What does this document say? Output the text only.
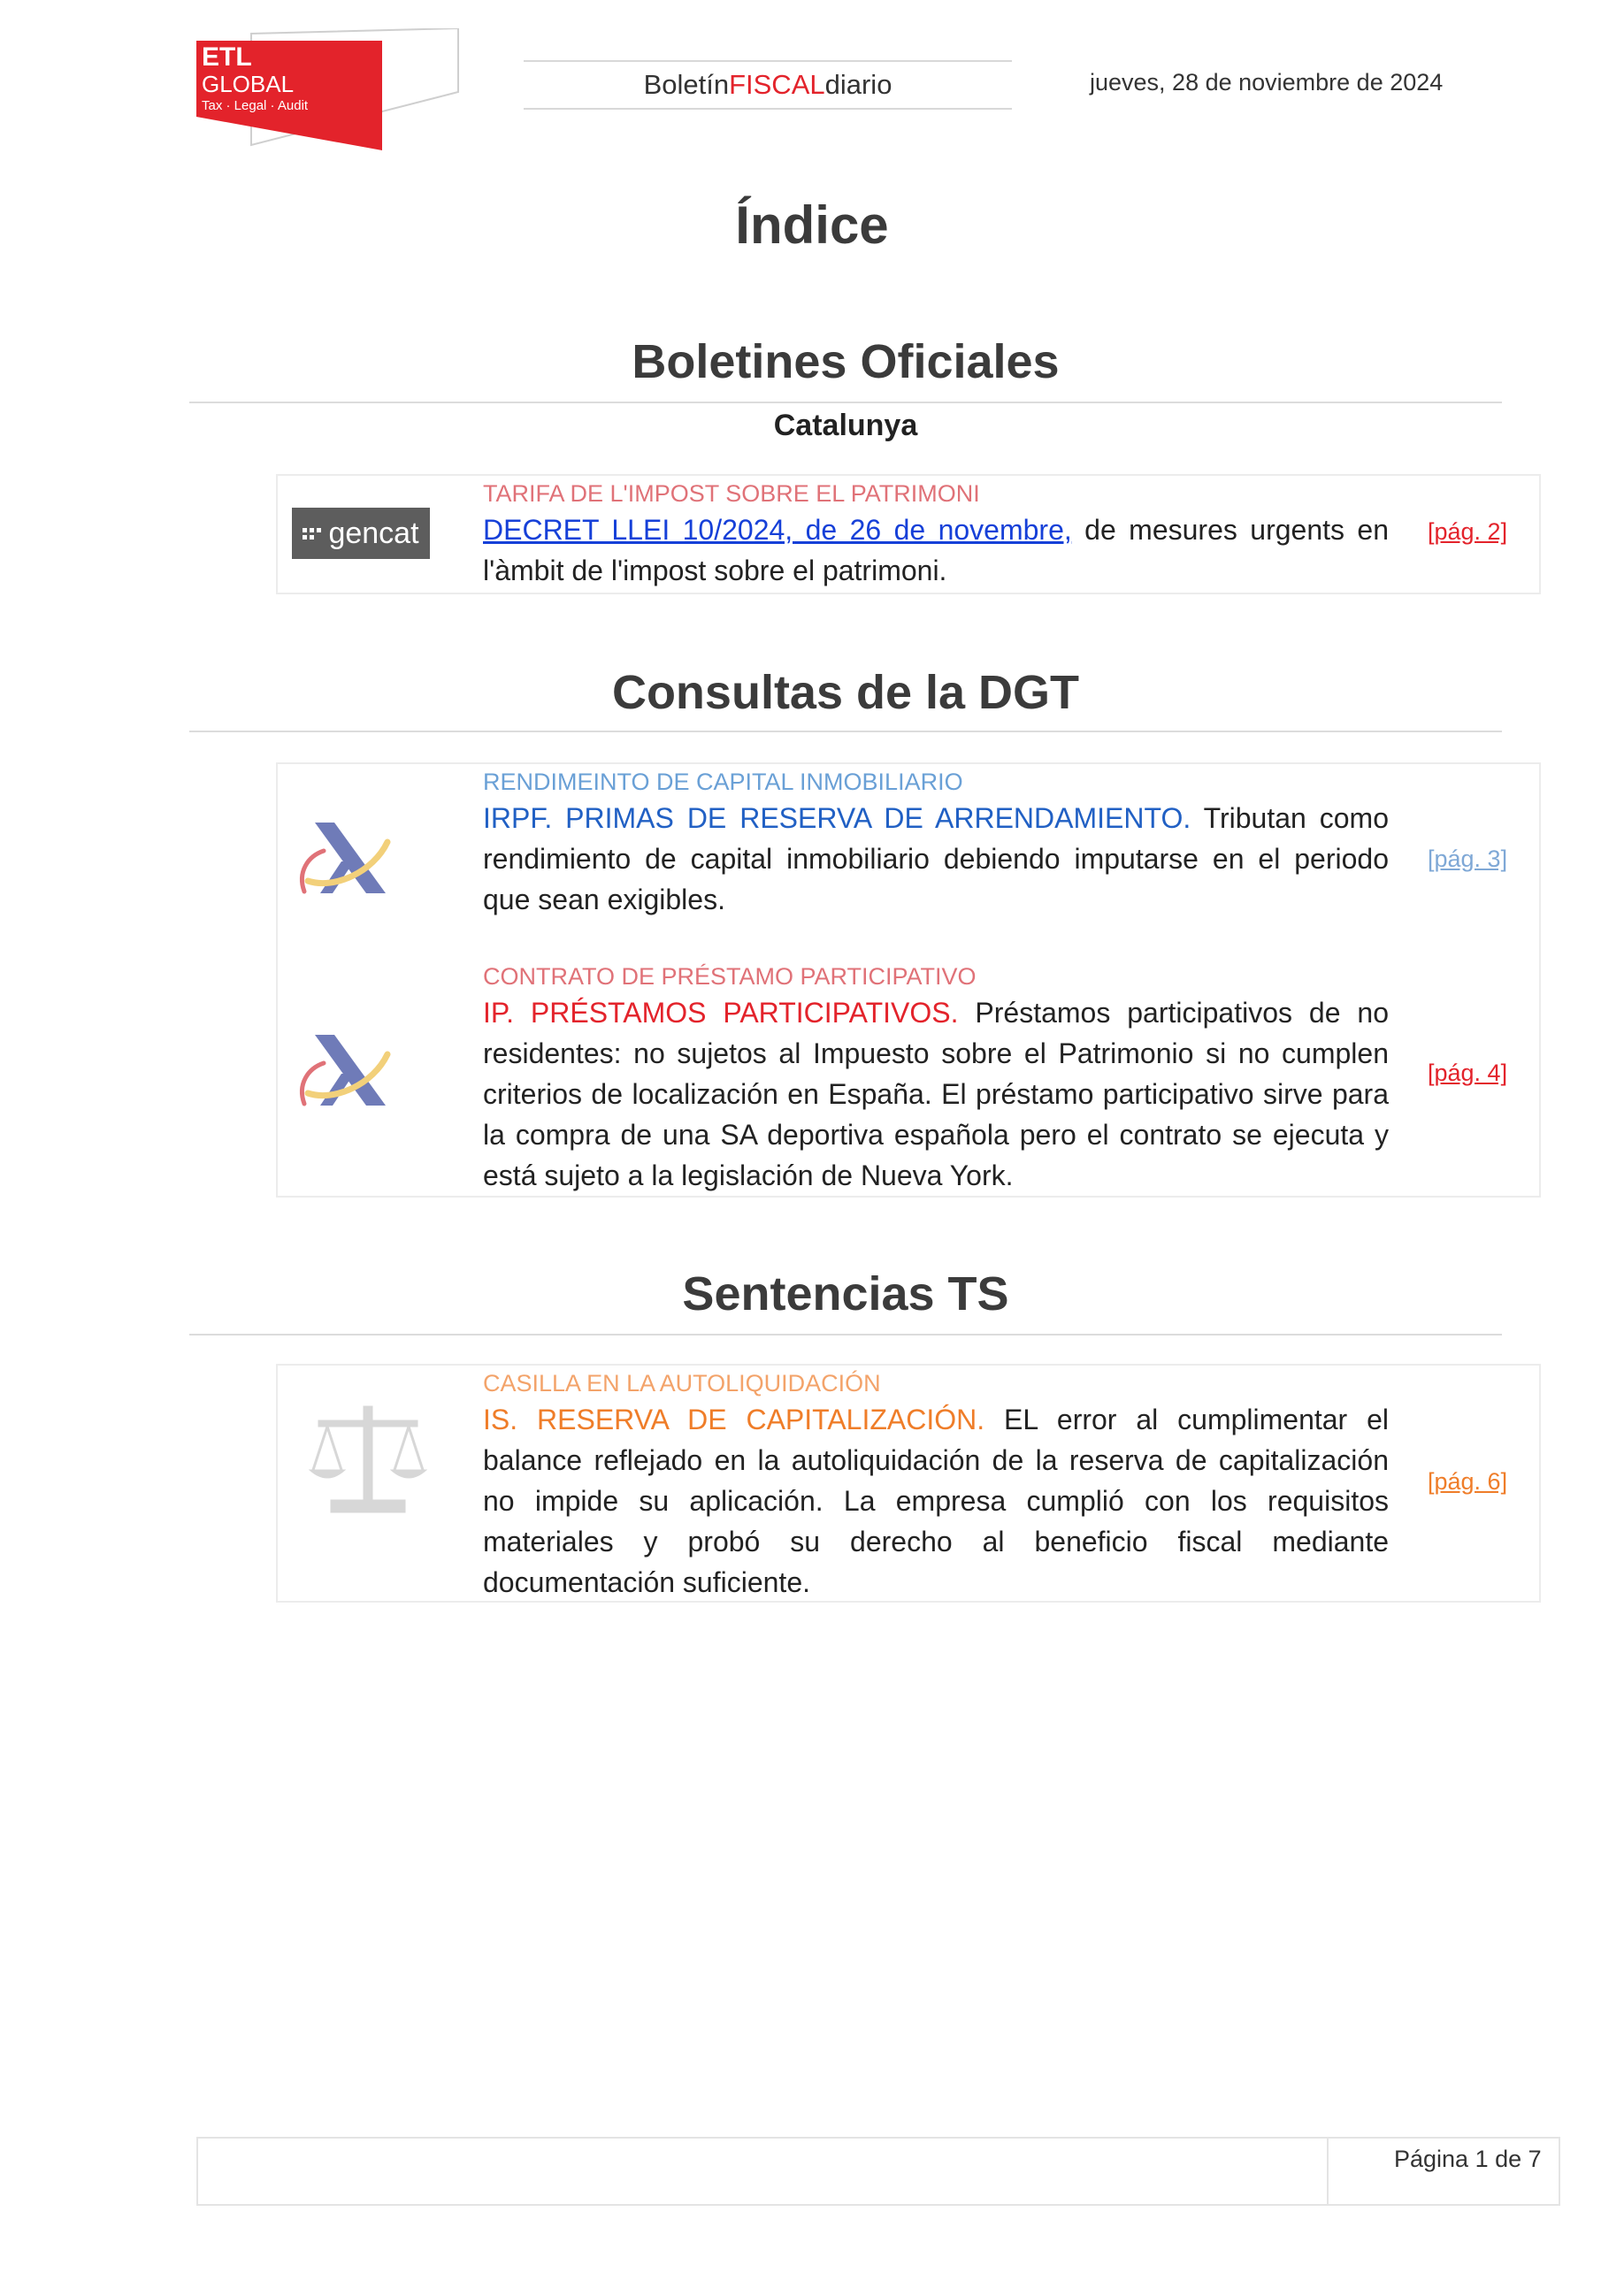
ETL
GLOBAL
Tax · Legal · Audit
Boletín FISCAL diario	jueves, 28 de noviembre de 2024
Índice
Boletines Oficiales
Catalunya
gencat
TARIFA DE L'IMPOST SOBRE EL PATRIMONI
DECRET LLEI 10/2024, de 26 de novembre, de mesures urgents en l'àmbit de l'impost sobre el patrimoni.
[pág. 2]
Consultas de la DGT
RENDIMEINTO DE CAPITAL INMOBILIARIO
IRPF. PRIMAS DE RESERVA DE ARRENDAMIENTO. Tributan como rendimiento de capital inmobiliario debiendo imputarse en el periodo que sean exigibles.
[pág. 3]
CONTRATO DE PRÉSTAMO PARTICIPATIVO
IP. PRÉSTAMOS PARTICIPATIVOS. Préstamos participativos de no residentes: no sujetos al Impuesto sobre el Patrimonio si no cumplen criterios de localización en España. El préstamo participativo sirve para la compra de una SA deportiva española pero el contrato se ejecuta y está sujeto a la legislación de Nueva York.
[pág. 4]
Sentencias TS
CASILLA EN LA AUTOLIQUIDACIÓN
IS. RESERVA DE CAPITALIZACIÓN. EL error al cumplimentar el balance reflejado en la autoliquidación de la reserva de capitalización no impide su aplicación. La empresa cumplió con los requisitos materiales y probó su derecho al beneficio fiscal mediante documentación suficiente.
[pág. 6]
Página 1 de 7
